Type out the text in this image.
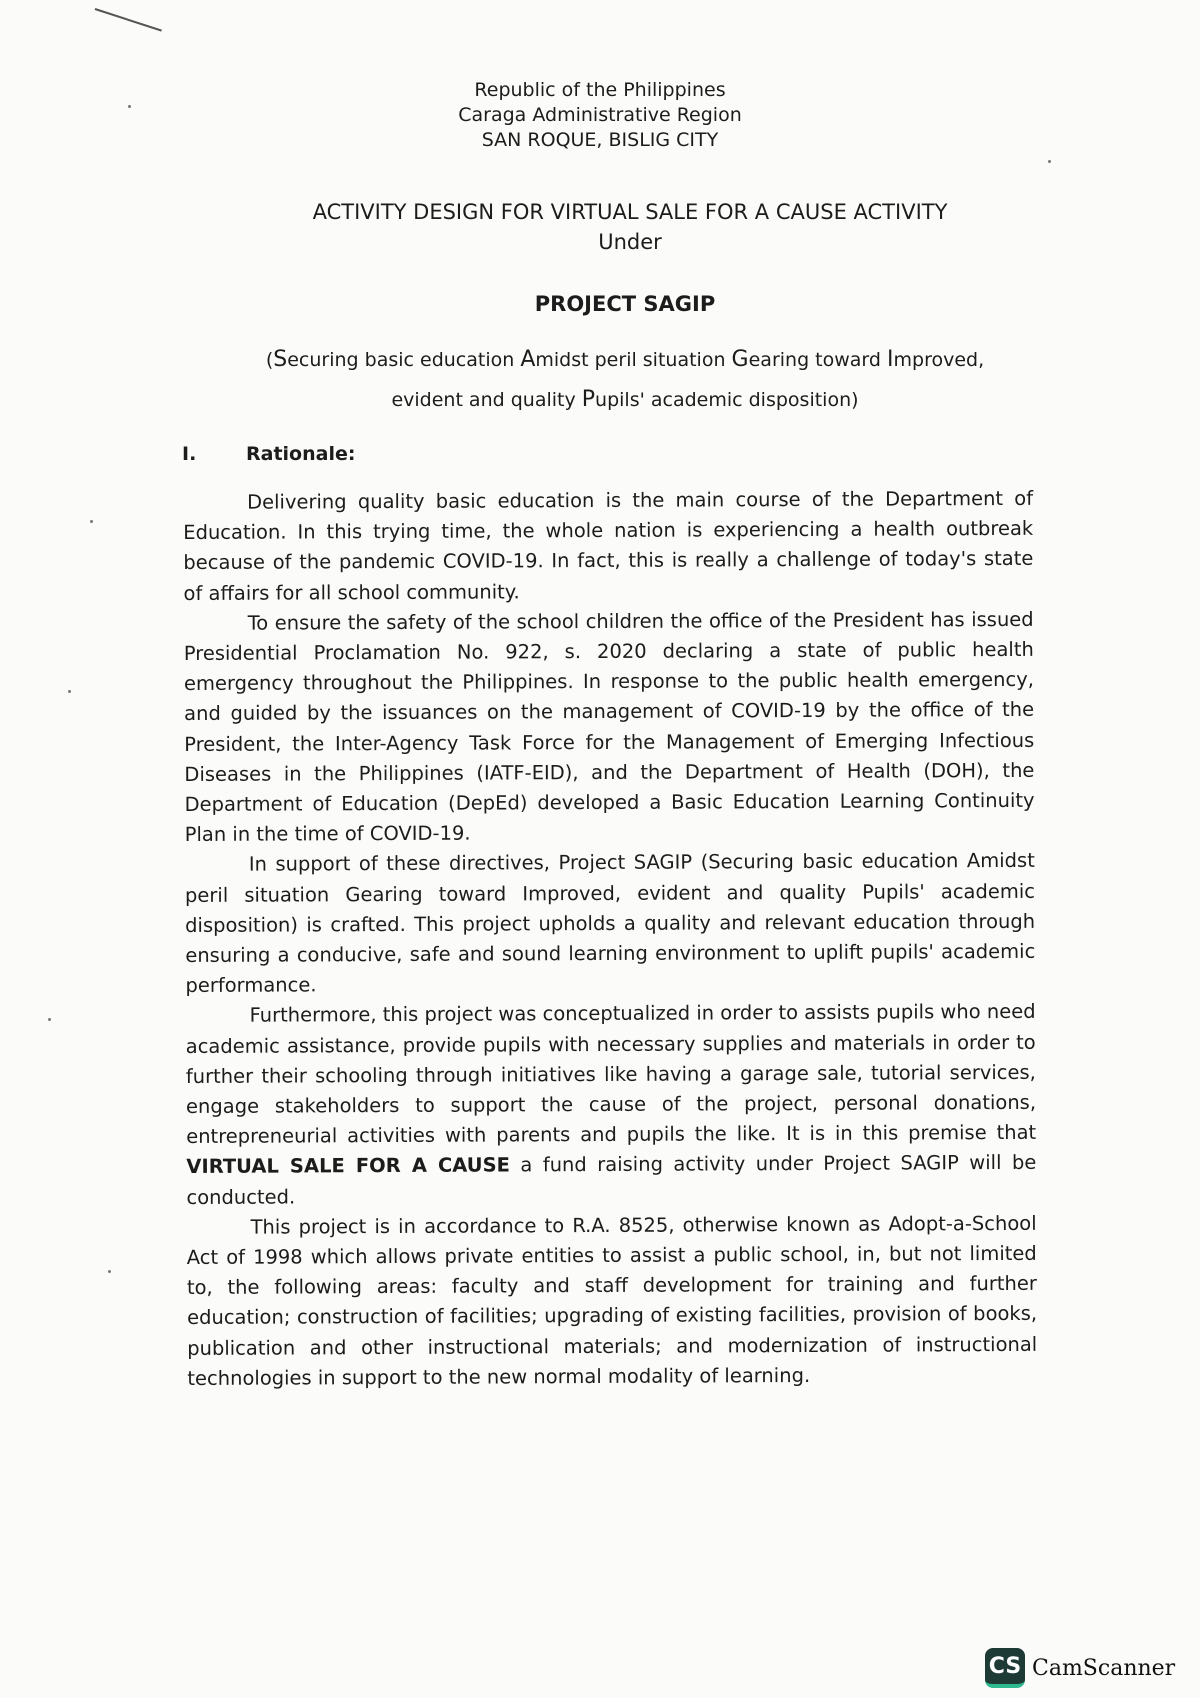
Republic of the Philippines
Caraga Administrative Region
SAN ROQUE, BISLIG CITY
ACTIVITY DESIGN FOR VIRTUAL SALE FOR A CAUSE ACTIVITY
Under
PROJECT SAGIP
(Securing basic education Amidst peril situation Gearing toward Improved,
evident and quality Pupils' academic disposition)
I.	Rationale:

Delivering quality basic education is the main course of the Department of Education. In this trying time, the whole nation is experiencing a health outbreak because of the pandemic COVID-19. In fact, this is really a challenge of today's state of affairs for all school community.

To ensure the safety of the school children the office of the President has issued Presidential Proclamation No. 922, s. 2020 declaring a state of public health emergency throughout the Philippines. In response to the public health emergency, and guided by the issuances on the management of COVID-19 by the office of the President, the Inter-Agency Task Force for the Management of Emerging Infectious Diseases in the Philippines (IATF-EID), and the Department of Health (DOH), the Department of Education (DepEd) developed a Basic Education Learning Continuity Plan in the time of COVID-19.

In support of these directives, Project SAGIP (Securing basic education Amidst peril situation Gearing toward Improved, evident and quality Pupils' academic disposition) is crafted. This project upholds a quality and relevant education through ensuring a conducive, safe and sound learning environment to uplift pupils' academic performance.

Furthermore, this project was conceptualized in order to assists pupils who need academic assistance, provide pupils with necessary supplies and materials in order to further their schooling through initiatives like having a garage sale, tutorial services, engage stakeholders to support the cause of the project, personal donations, entrepreneurial activities with parents and pupils the like. It is in this premise that VIRTUAL SALE FOR A CAUSE a fund raising activity under Project SAGIP will be conducted.

This project is in accordance to R.A. 8525, otherwise known as Adopt-a-School Act of 1998 which allows private entities to assist a public school, in, but not limited to, the following areas: faculty and staff development for training and further education; construction of facilities; upgrading of existing facilities, provision of books, publication and other instructional materials; and modernization of instructional technologies in support to the new normal modality of learning.

CS CamScanner
